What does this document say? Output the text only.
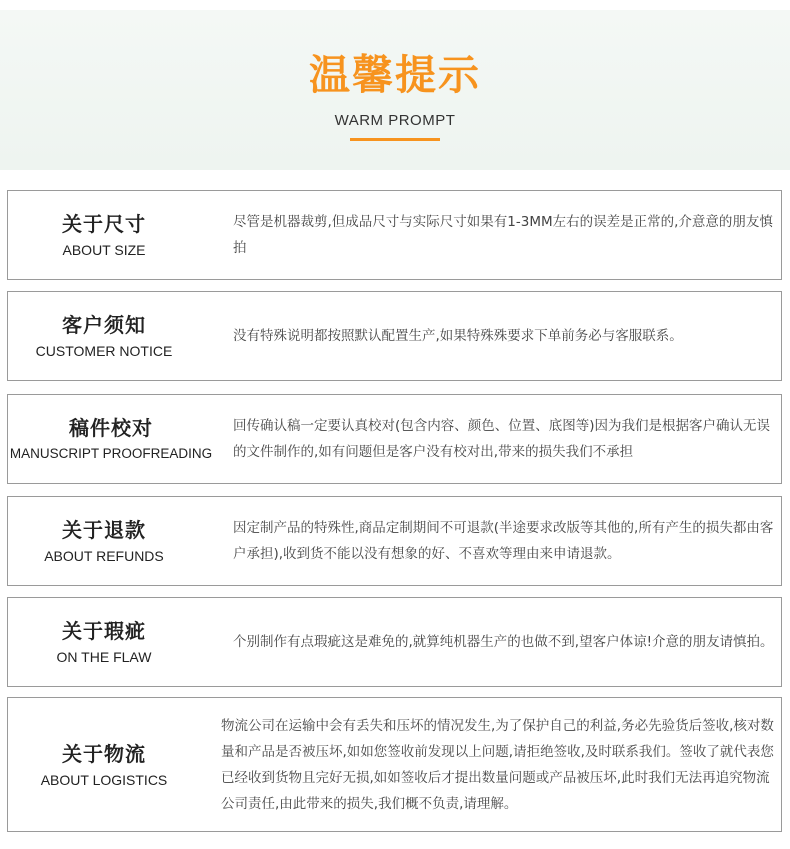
温馨提示
WARM PROMPT
关于尺寸
ABOUT SIZE
尽管是机器裁剪,但成品尺寸与实际尺寸如果有1-3MM左右的误差是正常的,介意意的朋友慎拍
客户须知
CUSTOMER NOTICE
没有特殊说明都按照默认配置生产,如果特殊殊要求下单前务必与客服联系。
稿件校对
MANUSCRIPT PROOFREADING
回传确认稿一定要认真校对(包含内容、颜色、位置、底图等)因为我们是根据客户确认无误的文件制作的,如有问题但是客户没有校对出,带来的损失我们不承担
关于退款
ABOUT REFUNDS
因定制产品的特殊性,商品定制期间不可退款(半途要求改版等其他的,所有产生的损失都由客户承担),收到货不能以没有想象的好、不喜欢等理由来申请退款。
关于瑕疵
ON THE FLAW
个别制作有点瑕疵这是难免的,就算纯机器生产的也做不到,望客户体谅!介意的朋友请慎拍。
关于物流
ABOUT LOGISTICS
物流公司在运输中会有丢失和压坏的情况发生,为了保护自己的利益,务必先验货后签收,核对数量和产品是否被压坏,如如您签收前发现以上问题,请拒绝签收,及时联系我们。签收了就代表您已经收到货物且完好无损,如如签收后才提出数量问题或产品被压坏,此时我们无法再追究物流公司责任,由此带来的损失,我们概不负责,请理解。
